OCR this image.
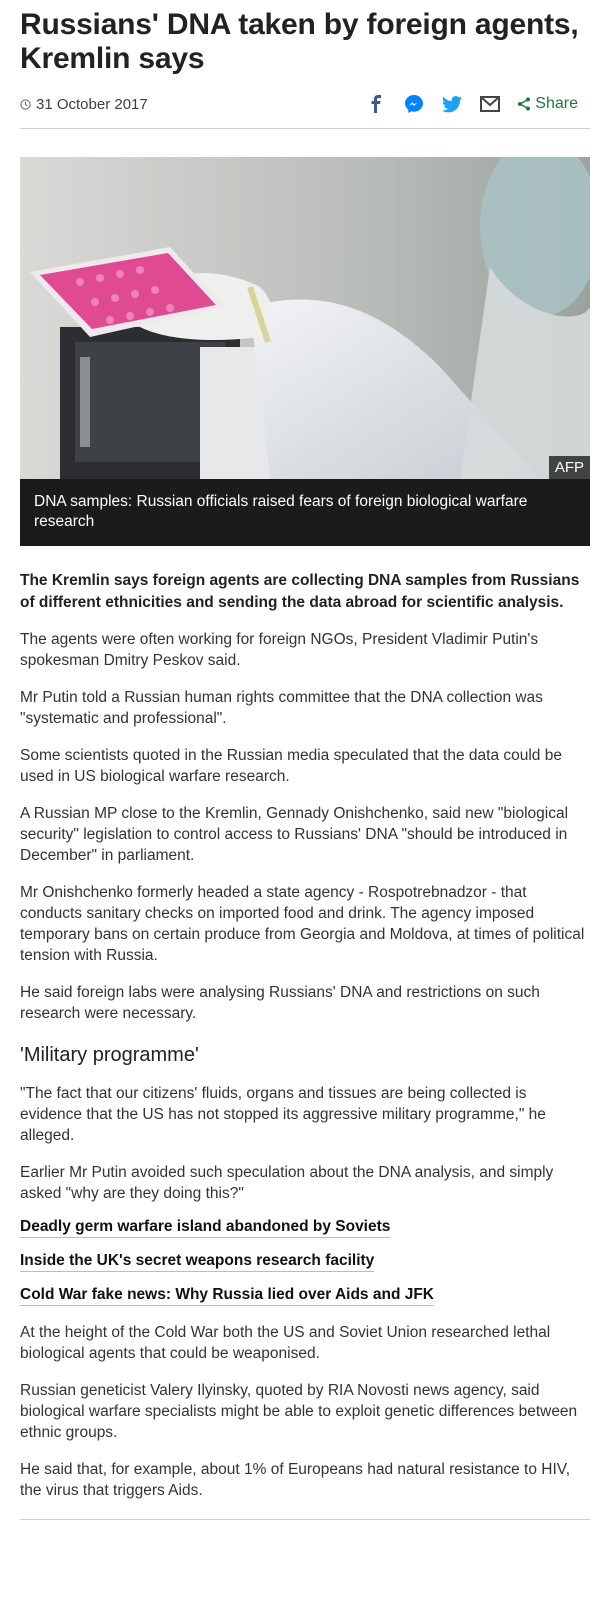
Russians' DNA taken by foreign agents, Kremlin says
31 October 2017	Share
AFP
DNA samples: Russian officials raised fears of foreign biological warfare research

The Kremlin says foreign agents are collecting DNA samples from Russians of different ethnicities and sending the data abroad for scientific analysis.

The agents were often working for foreign NGOs, President Vladimir Putin's spokesman Dmitry Peskov said.

Mr Putin told a Russian human rights committee that the DNA collection was "systematic and professional".

Some scientists quoted in the Russian media speculated that the data could be used in US biological warfare research.

A Russian MP close to the Kremlin, Gennady Onishchenko, said new "biological security" legislation to control access to Russians' DNA "should be introduced in December" in parliament.

Mr Onishchenko formerly headed a state agency - Rospotrebnadzor - that conducts sanitary checks on imported food and drink. The agency imposed temporary bans on certain produce from Georgia and Moldova, at times of political tension with Russia.

He said foreign labs were analysing Russians' DNA and restrictions on such research were necessary.

'Military programme'

"The fact that our citizens' fluids, organs and tissues are being collected is evidence that the US has not stopped its aggressive military programme," he alleged.

Earlier Mr Putin avoided such speculation about the DNA analysis, and simply asked "why are they doing this?"

Deadly germ warfare island abandoned by Soviets
Inside the UK's secret weapons research facility
Cold War fake news: Why Russia lied over Aids and JFK

At the height of the Cold War both the US and Soviet Union researched lethal biological agents that could be weaponised.

Russian geneticist Valery Ilyinsky, quoted by RIA Novosti news agency, said biological warfare specialists might be able to exploit genetic differences between ethnic groups.

He said that, for example, about 1% of Europeans had natural resistance to HIV, the virus that triggers Aids.
